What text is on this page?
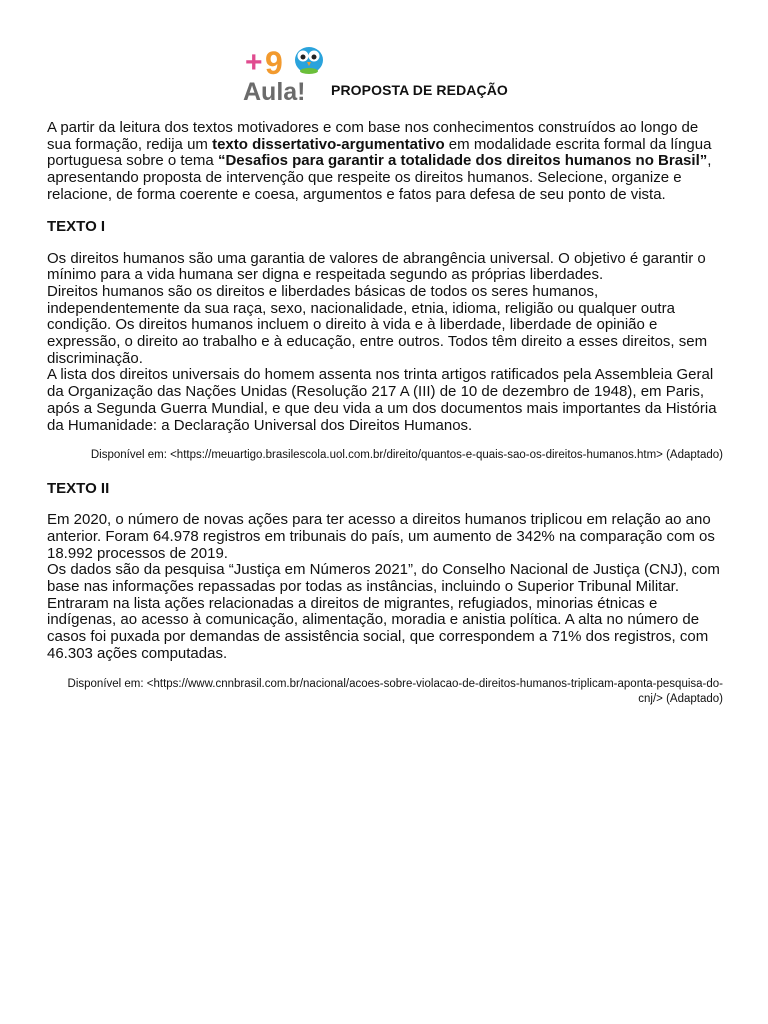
+ 9
Aula! PROPOSTA DE REDAÇÃO

A partir da leitura dos textos motivadores e com base nos conhecimentos construídos ao longo de sua formação, redija um texto dissertativo-argumentativo em modalidade escrita formal da língua portuguesa sobre o tema “Desafios para garantir a totalidade dos direitos humanos no Brasil”, apresentando proposta de intervenção que respeite os direitos humanos. Selecione, organize e relacione, de forma coerente e coesa, argumentos e fatos para defesa de seu ponto de vista.

TEXTO I

Os direitos humanos são uma garantia de valores de abrangência universal. O objetivo é garantir o mínimo para a vida humana ser digna e respeitada segundo as próprias liberdades.

Direitos humanos são os direitos e liberdades básicas de todos os seres humanos, independentemente da sua raça, sexo, nacionalidade, etnia, idioma, religião ou qualquer outra condição. Os direitos humanos incluem o direito à vida e à liberdade, liberdade de opinião e expressão, o direito ao trabalho e à educação, entre outros. Todos têm direito a esses direitos, sem discriminação.

A lista dos direitos universais do homem assenta nos trinta artigos ratificados pela Assembleia Geral da Organização das Nações Unidas (Resolução 217 A (III) de 10 de dezembro de 1948), em Paris, após a Segunda Guerra Mundial, e que deu vida a um dos documentos mais importantes da História da Humanidade: a Declaração Universal dos Direitos Humanos.

Disponível em: <https://meuartigo.brasilescola.uol.com.br/direito/quantos-e-quais-sao-os-direitos-humanos.htm> (Adaptado)
TEXTO II

Em 2020, o número de novas ações para ter acesso a direitos humanos triplicou em relação ao ano anterior. Foram 64.978 registros em tribunais do país, um aumento de 342% na comparação com os 18.992 processos de 2019.

Os dados são da pesquisa “Justiça em Números 2021”, do Conselho Nacional de Justiça (CNJ), com base nas informações repassadas por todas as instâncias, incluindo o Superior Tribunal Militar.

Entraram na lista ações relacionadas a direitos de migrantes, refugiados, minorias étnicas e indígenas, ao acesso à comunicação, alimentação, moradia e anistia política. A alta no número de casos foi puxada por demandas de assistência social, que correspondem a 71% dos registros, com 46.303 ações computadas.

Disponível em: <https://www.cnnbrasil.com.br/nacional/acoes-sobre-violacao-de-direitos-humanos-triplicam-aponta-pesquisa-do-cnj/> (Adaptado)
